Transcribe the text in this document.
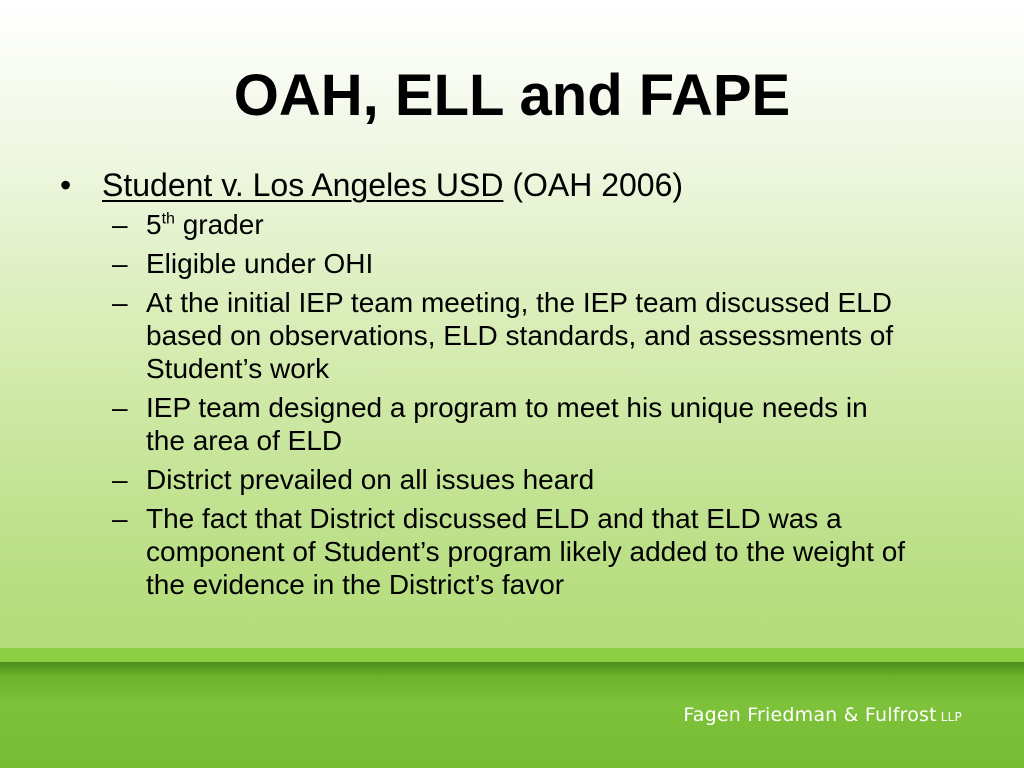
OAH, ELL and FAPE
• Student v. Los Angeles USD (OAH 2006)
– 5th grader
– Eligible under OHI
– At the initial IEP team meeting, the IEP team discussed ELD based on observations, ELD standards, and assessments of Student’s work
– IEP team designed a program to meet his unique needs in the area of ELD
– District prevailed on all issues heard
– The fact that District discussed ELD and that ELD was a component of Student’s program likely added to the weight of the evidence in the District’s favor
Fagen Friedman & Fulfrost LLP
